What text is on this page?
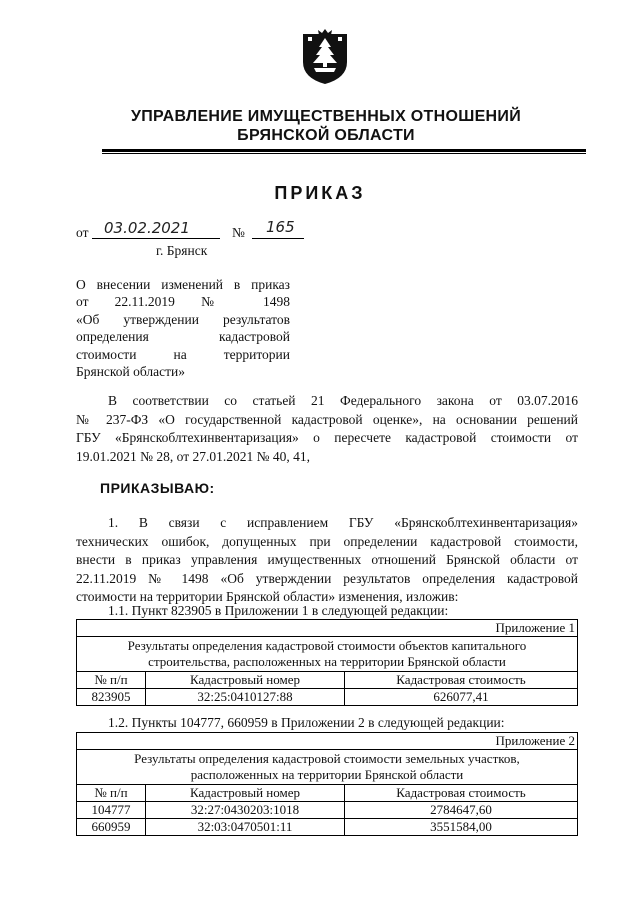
УПРАВЛЕНИЕ ИМУЩЕСТВЕННЫХ ОТНОШЕНИЙ
БРЯНСКОЙ ОБЛАСТИ
ПРИКАЗ
от 03.02.2021	№ 165
г. Брянск
О внесении изменений в приказ
от 22.11.2019 № 1498
«Об утверждении результатов
определения кадастровой
стоимости на территории
Брянской области»
В соответствии со статьей 21 Федерального закона от 03.07.2016
№ 237-ФЗ «О государственной кадастровой оценке», на основании решений
ГБУ «Брянскоблтехинвентаризация» о пересчете кадастровой стоимости от
19.01.2021 № 28, от 27.01.2021 № 40, 41,
ПРИКАЗЫВАЮ:
1. В связи с исправлением ГБУ «Брянскоблтехинвентаризация»
технических ошибок, допущенных при определении кадастровой стоимости,
внести в приказ управления имущественных отношений Брянской области от
22.11.2019 № 1498 «Об утверждении результатов определения кадастровой
стоимости на территории Брянской области» изменения, изложив:
1.1. Пункт 823905 в Приложении 1 в следующей редакции:
Приложение 1		

Результаты определения кадастровой стоимости объектов капитального
строительства, расположенных на территории Брянской области		

№ п/п	Кадастровый номер	Кадастровая стоимость
823905	32:25:0410127:88	626077,41
1.2. Пункты 104777, 660959 в Приложении 2 в следующей редакции:
Приложение 2		

Результаты определения кадастровой стоимости земельных участков,
расположенных на территории Брянской области		

№ п/п	Кадастровый номер	Кадастровая стоимость
104777	32:27:0430203:1018	2784647,60
660959	32:03:0470501:11	3551584,00
